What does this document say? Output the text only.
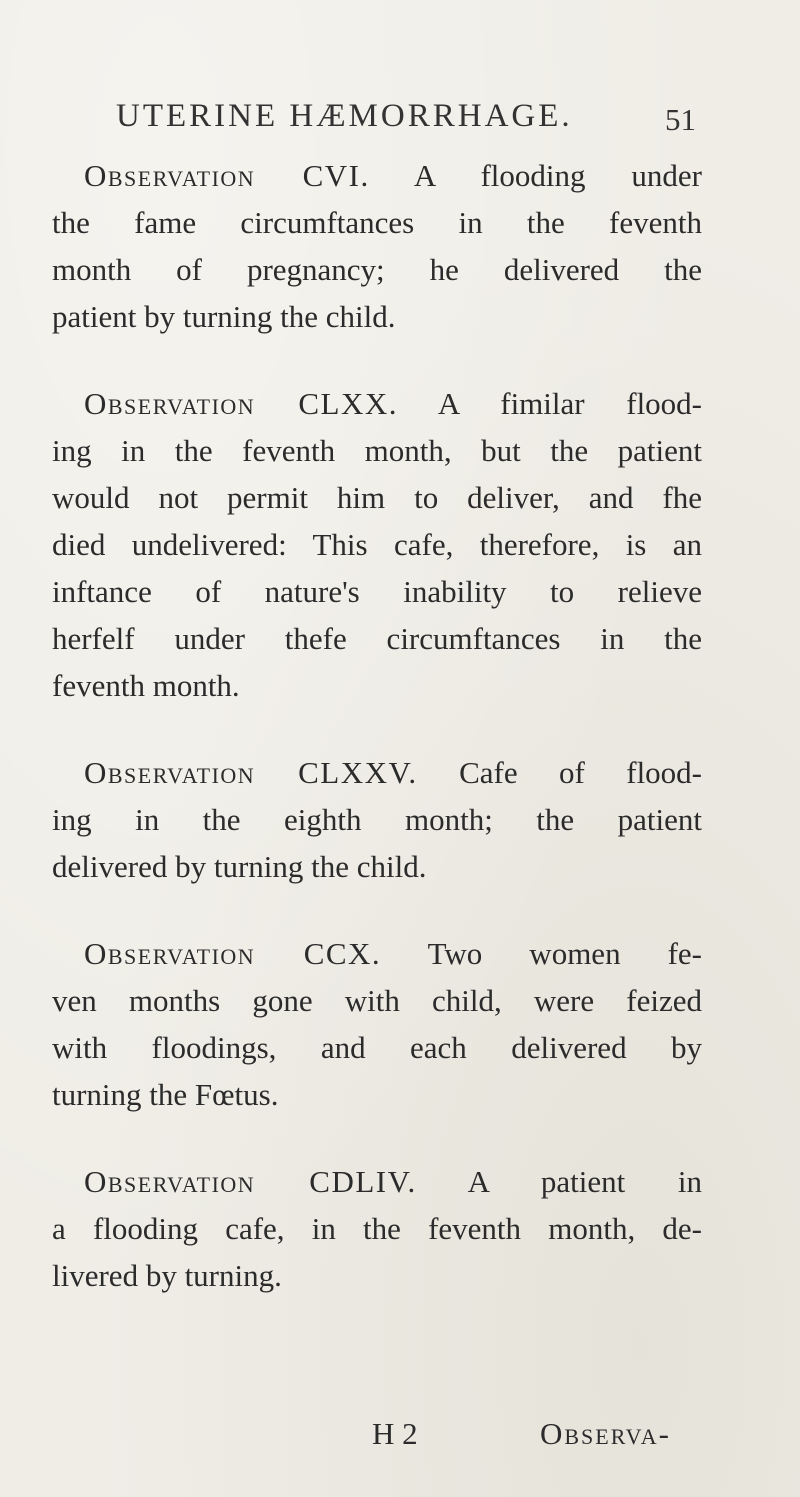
UTERINE HÆMORRHAGE.	51

Observation CVI. A flooding under
the fame circumftances in the feventh
month of pregnancy; he delivered the
patient by turning the child.

Observation CLXX. A fimilar flood-
ing in the feventh month, but the patient
would not permit him to deliver, and fhe
died undelivered: This cafe, therefore, is an
inftance of nature's inability to relieve
herfelf under thefe circumftances in the
feventh month.

Observation CLXXV. Cafe of flood-
ing in the eighth month; the patient
delivered by turning the child.

Observation CCX. Two women fe-
ven months gone with child, were feized
with floodings, and each delivered by
turning the Fœtus.

Observation CDLIV. A patient in
a flooding cafe, in the feventh month, de-
livered by turning.

H 2	Observa-
